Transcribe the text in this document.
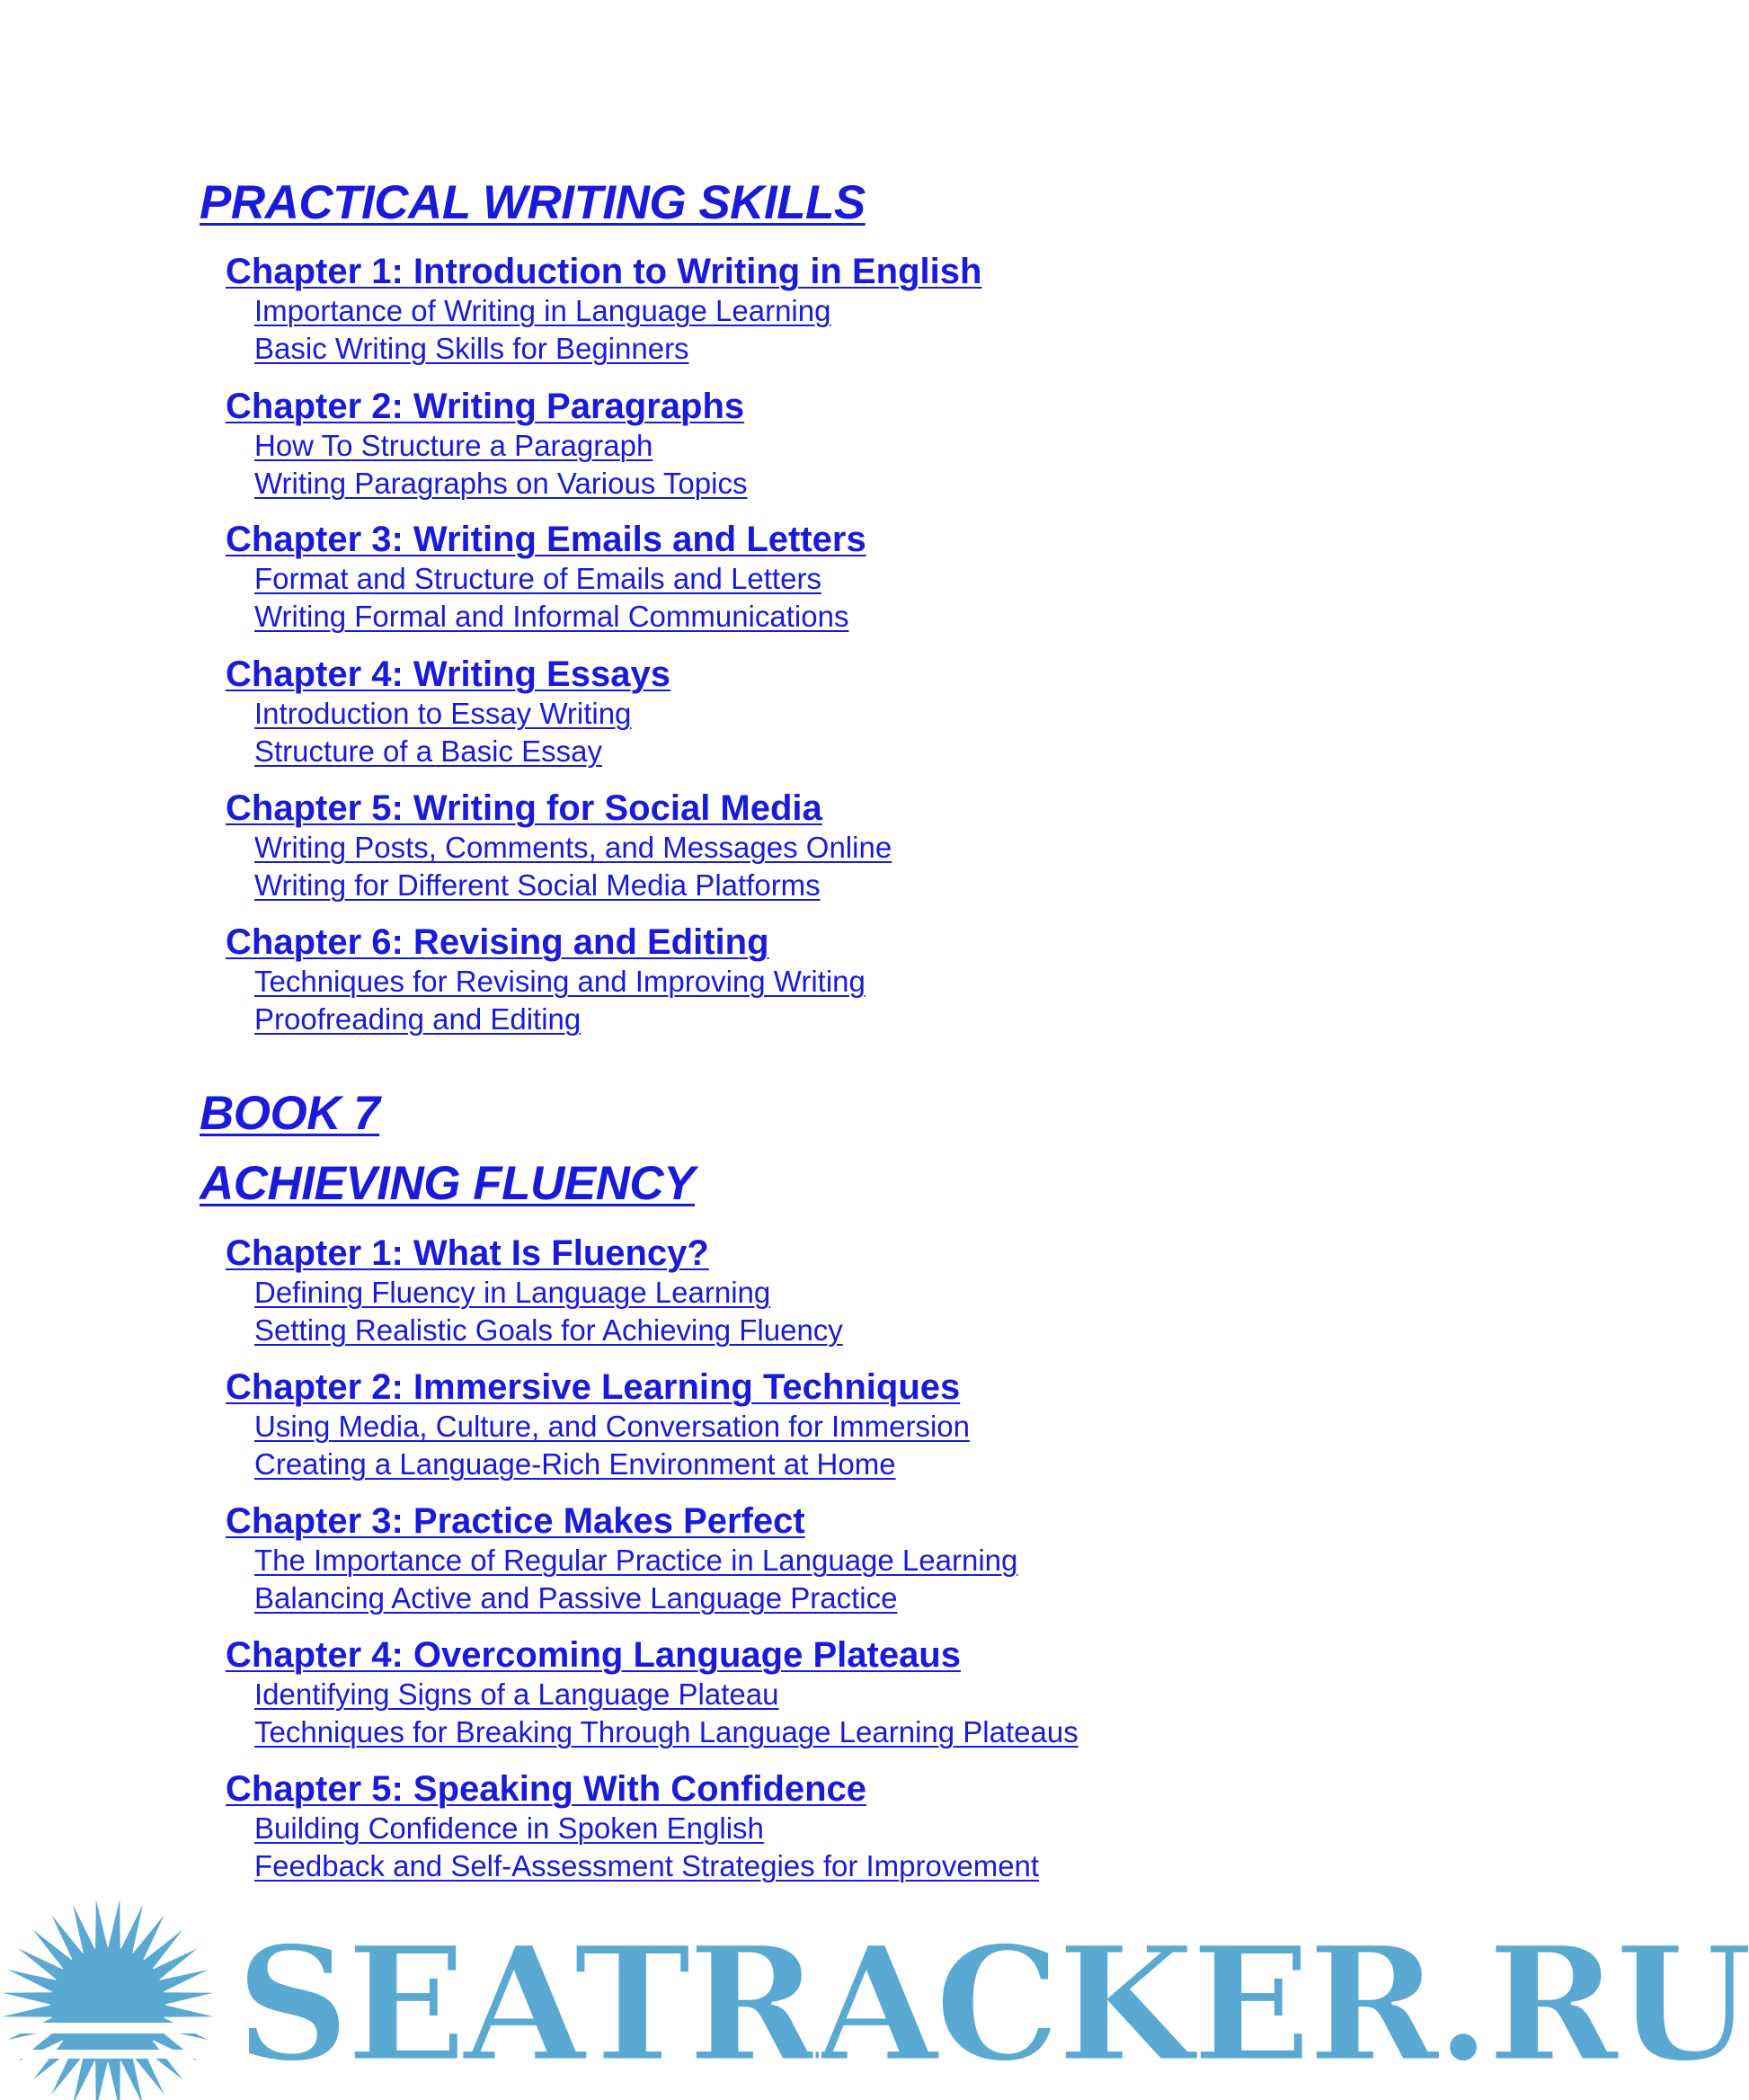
PRACTICAL WRITING SKILLS
Chapter 1: Introduction to Writing in English
Importance of Writing in Language Learning
Basic Writing Skills for Beginners
Chapter 2: Writing Paragraphs
How To Structure a Paragraph
Writing Paragraphs on Various Topics
Chapter 3: Writing Emails and Letters
Format and Structure of Emails and Letters
Writing Formal and Informal Communications
Chapter 4: Writing Essays
Introduction to Essay Writing
Structure of a Basic Essay
Chapter 5: Writing for Social Media
Writing Posts, Comments, and Messages Online
Writing for Different Social Media Platforms
Chapter 6: Revising and Editing
Techniques for Revising and Improving Writing
Proofreading and Editing
BOOK 7
ACHIEVING FLUENCY
Chapter 1: What Is Fluency?
Defining Fluency in Language Learning
Setting Realistic Goals for Achieving Fluency
Chapter 2: Immersive Learning Techniques
Using Media, Culture, and Conversation for Immersion
Creating a Language-Rich Environment at Home
Chapter 3: Practice Makes Perfect
The Importance of Regular Practice in Language Learning
Balancing Active and Passive Language Practice
Chapter 4: Overcoming Language Plateaus
Identifying Signs of a Language Plateau
Techniques for Breaking Through Language Learning Plateaus
Chapter 5: Speaking With Confidence
Building Confidence in Spoken English
Feedback and Self-Assessment Strategies for Improvement
SEATRACKER.RU
